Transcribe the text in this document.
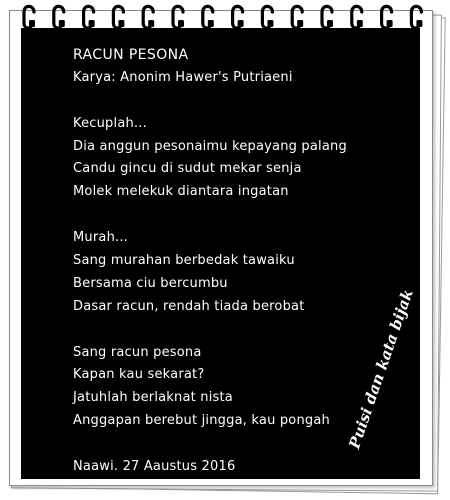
RACUN PESONA
Karya: Anonim Hawer's Putriaeni
Kecuplah...
Dia anggun pesonaimu kepayang palang
Candu gincu di sudut mekar senja
Molek melekuk diantara ingatan
Murah...
Sang murahan berbedak tawaiku
Bersama ciu bercumbu
Dasar racun, rendah tiada berobat
Sang racun pesona
Kapan kau sekarat?
Jatuhlah berlaknat nista
Anggapan berebut jingga, kau pongah
Naawi. 27 Aaustus 2016
Puisi dan kata bijak
